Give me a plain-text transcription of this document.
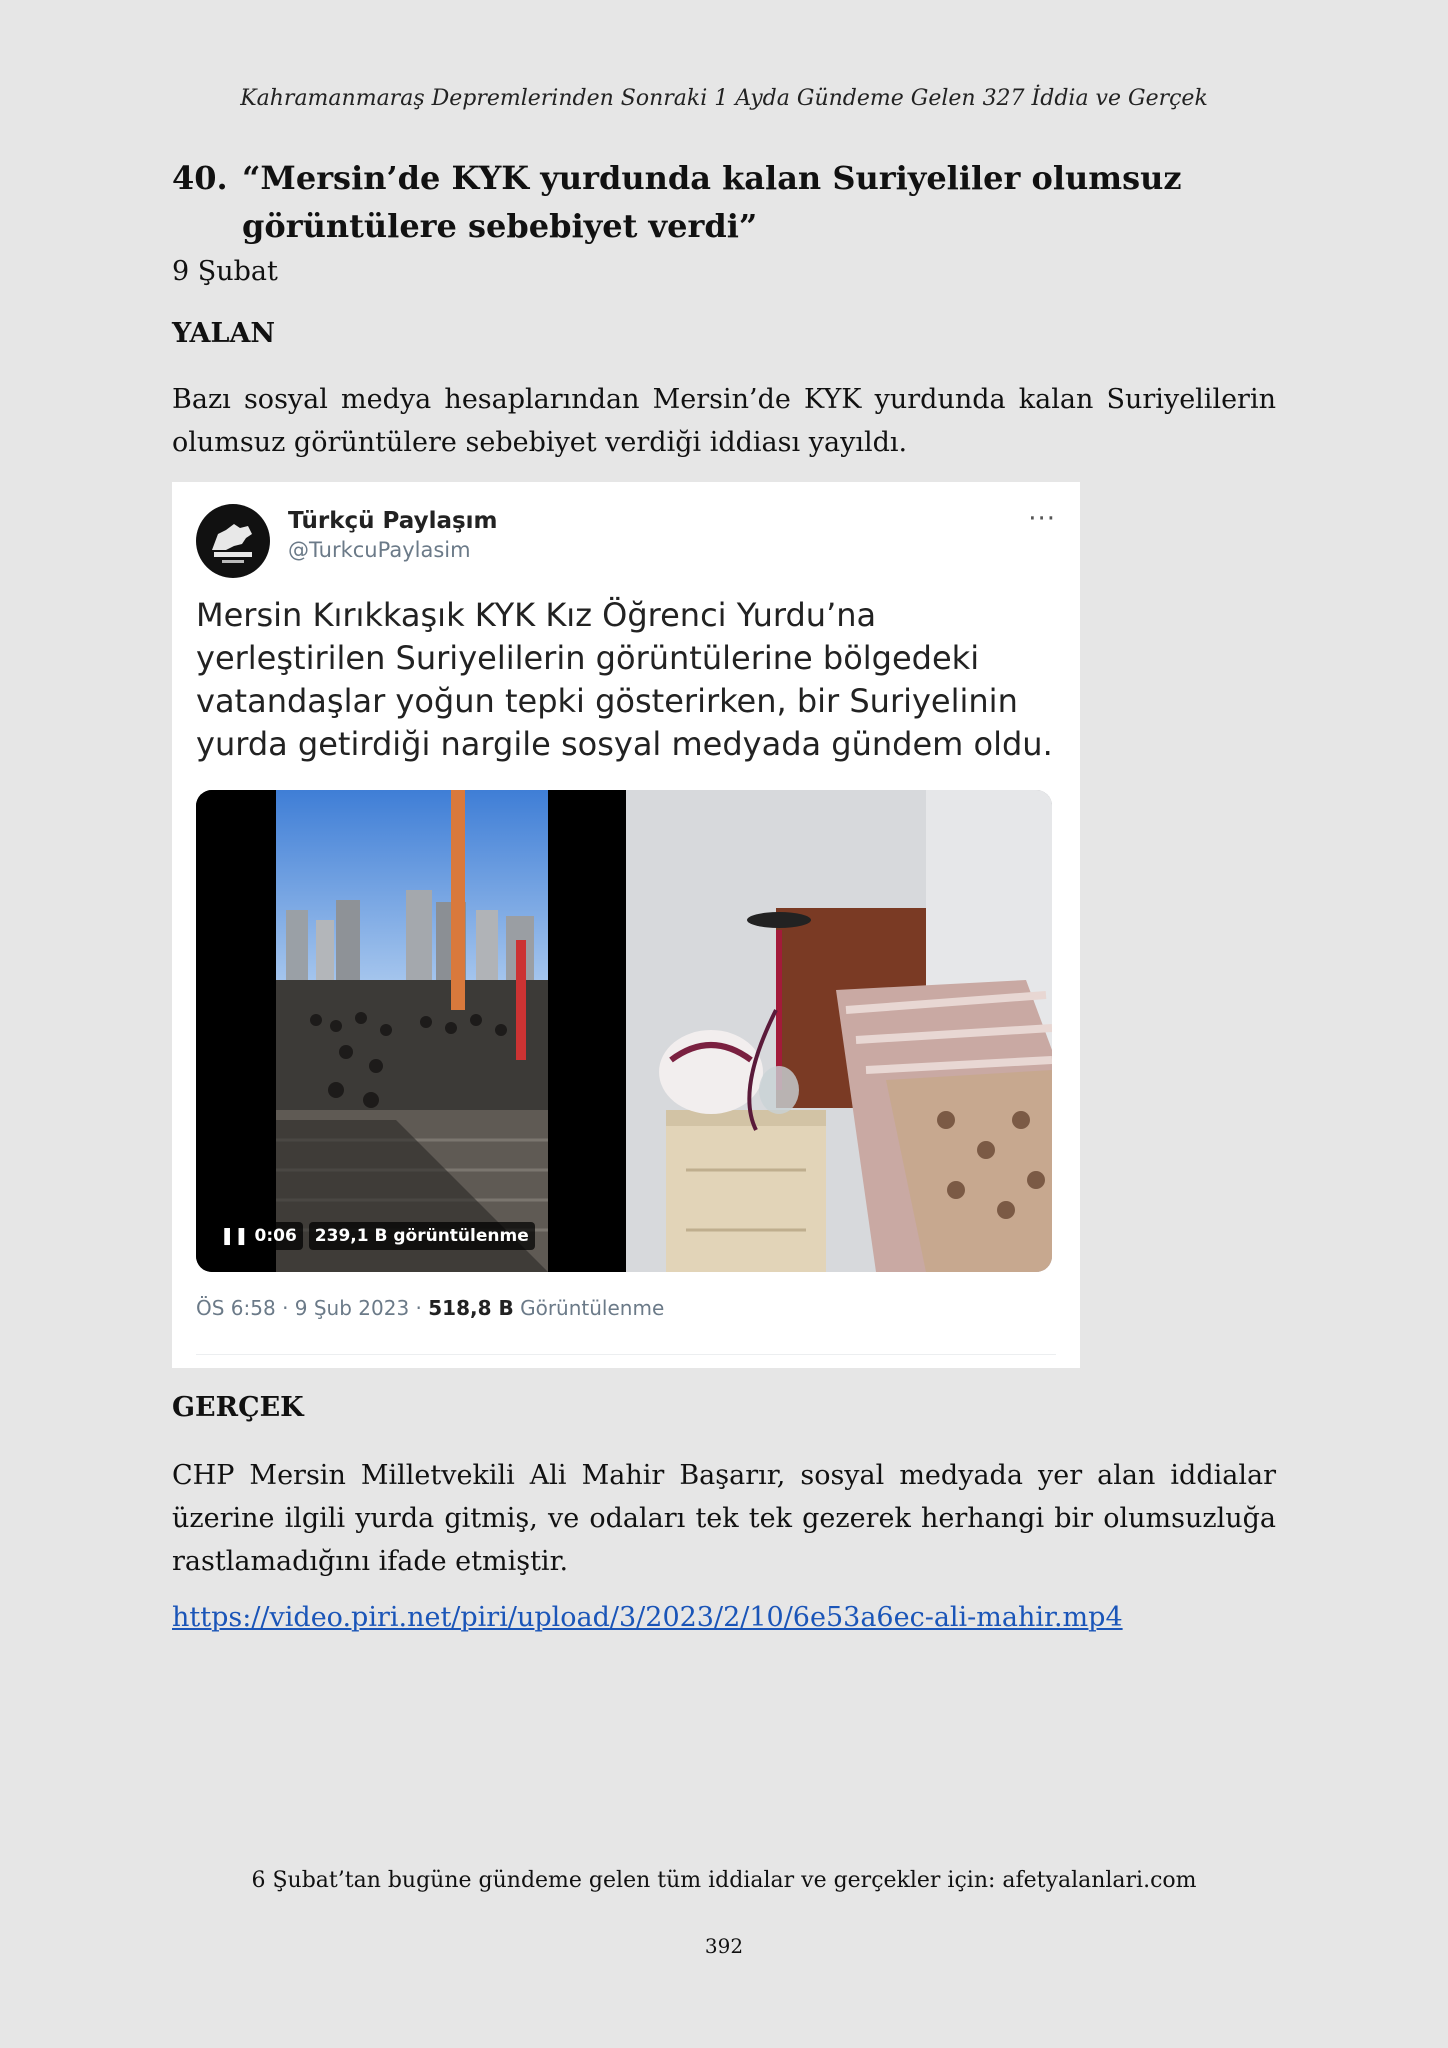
Kahramanmaraş Depremlerinden Sonraki 1 Ayda Gündeme Gelen 327 İddia ve Gerçek
40. “Mersin’de KYK yurdunda kalan Suriyeliler olumsuz görüntülere sebebiyet verdi”
9 Şubat
YALAN
Bazı sosyal medya hesaplarından Mersin’de KYK yurdunda kalan Suriyelilerin olumsuz görüntülere sebebiyet verdiği iddiası yayıldı.
Türkçü Paylaşım
@TurkcuPaylasim
···
Mersin Kırıkkaşık KYK Kız Öğrenci Yurdu’na yerleştirilen Suriyelilerin görüntülerine bölgedeki vatandaşlar yoğun tepki gösterirken, bir Suriyelinin yurda getirdiği nargile sosyal medyada gündem oldu.
❚❚ 0:06	239,1 B görüntülenme
ÖS 6:58 · 9 Şub 2023 · 518,8 B Görüntülenme
GERÇEK
CHP Mersin Milletvekili Ali Mahir Başarır, sosyal medyada yer alan iddialar üzerine ilgili yurda gitmiş, ve odaları tek tek gezerek herhangi bir olumsuzluğa rastlamadığını ifade etmiştir.
https://video.piri.net/piri/upload/3/2023/2/10/6e53a6ec-ali-mahir.mp4
6 Şubat’tan bugüne gündeme gelen tüm iddialar ve gerçekler için: afetyalanlari.com
392
